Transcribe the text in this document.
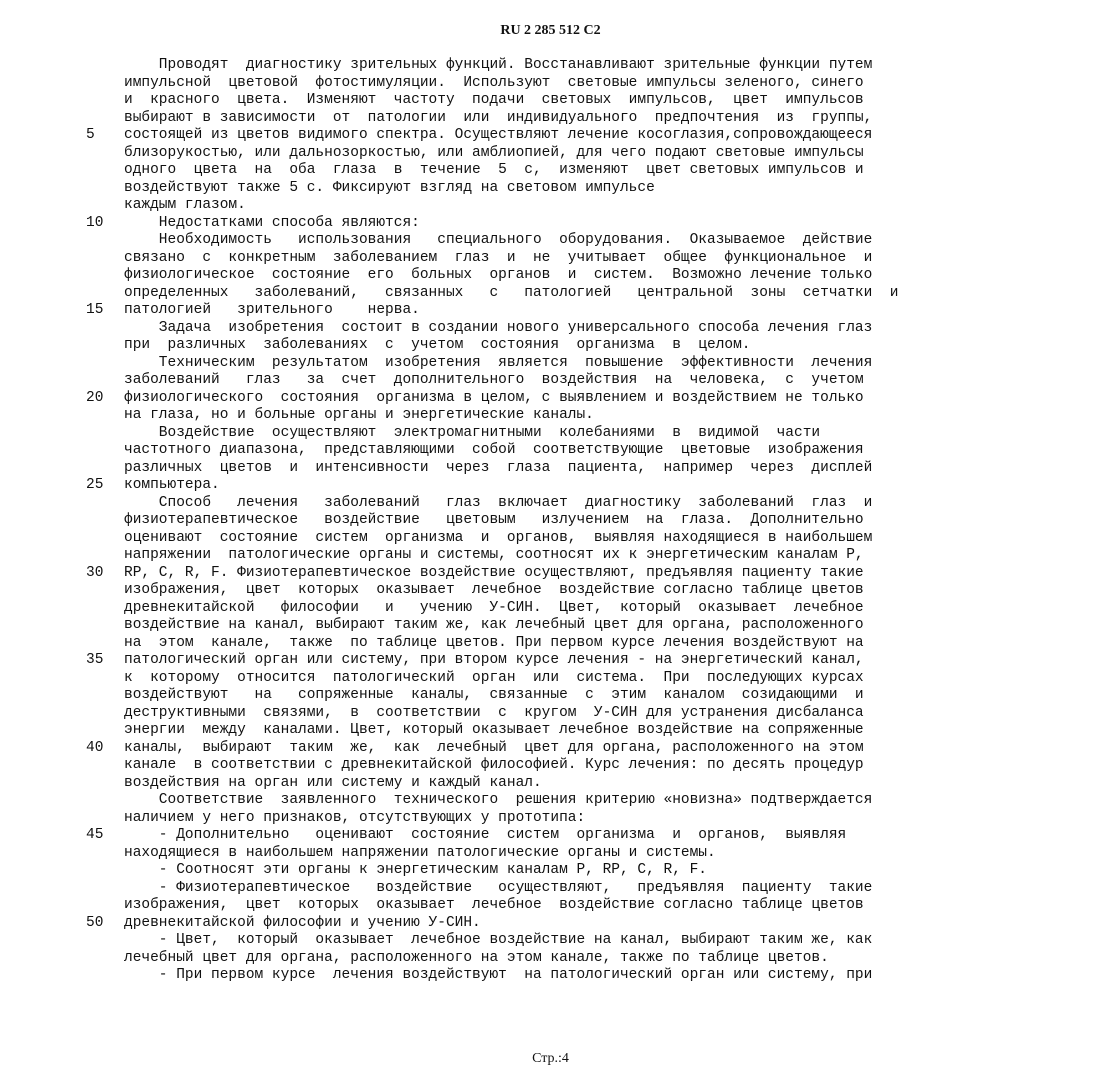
RU 2 285 512 C2
5
10
15
20
25
30
35
40
45
50
Проводят  диагностику зрительных функций. Восстанавливают зрительные функции путем
импульсной  цветовой  фотостимуляции.  Используют  световые импульсы зеленого, синего
и  красного  цвета.  Изменяют  частоту  подачи  световых  импульсов,  цвет  импульсов
выбирают в зависимости  от  патологии  или  индивидуального  предпочтения  из  группы,
состоящей из цветов видимого спектра. Осуществляют лечение косоглазия,сопровождающееся
близорукостью, или дальнозоркостью, или амблиопией, для чего подают световые импульсы
одного  цвета  на  оба  глаза  в  течение  5  с,  изменяют  цвет световых импульсов и
воздействуют также 5 с. Фиксируют взгляд на световом импульсе
каждым глазом.
Недостатками способа являются:
Необходимость   использования   специального  оборудования.  Оказываемое  действие
связано  с  конкретным  заболеванием  глаз  и  не  учитывает  общее  функциональное  и
физиологическое  состояние  его  больных  органов  и  систем.  Возможно лечение только
определенных   заболеваний,   связанных   с   патологией   центральной  зоны  сетчатки  и
патологией   зрительного    нерва.
Задача  изобретения  состоит в создании нового универсального способа лечения глаз
при  различных  заболеваниях  с  учетом  состояния  организма  в  целом.
Техническим  результатом  изобретения  является  повышение  эффективности  лечения
заболеваний   глаз   за  счет  дополнительного  воздействия  на  человека,  с  учетом
физиологического  состояния  организма в целом, с выявлением и воздействием не только
на глаза, но и больные органы и энергетические каналы.
Воздействие  осуществляют  электромагнитными  колебаниями  в  видимой  части
частотного диапазона,  представляющими  собой  соответствующие  цветовые  изображения
различных  цветов  и  интенсивности  через  глаза  пациента,  например  через  дисплей
компьютера.
Способ   лечения   заболеваний   глаз  включает  диагностику  заболеваний  глаз  и
физиотерапевтическое   воздействие   цветовым   излучением  на  глаза.  Дополнительно
оценивают  состояние  систем  организма  и  органов,  выявляя находящиеся в наибольшем
напряжении  патологические органы и системы, соотносят их к энергетическим каналам P,
RP, C, R, F. Физиотерапевтическое воздействие осуществляют, предъявляя пациенту такие
изображения,  цвет  которых  оказывает  лечебное  воздействие согласно таблице цветов
древнекитайской   философии   и   учению  У-СИН.  Цвет,  который  оказывает  лечебное
воздействие на канал, выбирают таким же, как лечебный цвет для органа, расположенного
на  этом  канале,  также  по таблице цветов. При первом курсе лечения воздействуют на
патологический орган или систему, при втором курсе лечения - на энергетический канал,
к  которому  относится  патологический  орган  или  система.  При  последующих курсах
воздействуют   на   сопряженные  каналы,  связанные  с  этим  каналом  созидающими  и
деструктивными  связями,  в  соответствии  с  кругом  У-СИН для устранения дисбаланса
энергии  между  каналами. Цвет, который оказывает лечебное воздействие на сопряженные
каналы,  выбирают  таким  же,  как  лечебный  цвет для органа, расположенного на этом
канале  в соответствии с древнекитайской философией. Курс лечения: по десять процедур
воздействия на орган или систему и каждый канал.
Соответствие  заявленного  технического  решения критерию «новизна» подтверждается
наличием у него признаков, отсутствующих у прототипа:
- Дополнительно   оценивают  состояние  систем  организма  и  органов,  выявляя
находящиеся в наибольшем напряжении патологические органы и системы.
- Соотносят эти органы к энергетическим каналам P, RP, C, R, F.
- Физиотерапевтическое   воздействие   осуществляют,   предъявляя  пациенту  такие
изображения,  цвет  которых  оказывает  лечебное  воздействие согласно таблице цветов
древнекитайской философии и учению У-СИН.
- Цвет,  который  оказывает  лечебное воздействие на канал, выбирают таким же, как
лечебный цвет для органа, расположенного на этом канале, также по таблице цветов.
- При первом курсе  лечения воздействуют  на патологический орган или систему, при
Стр.:4
